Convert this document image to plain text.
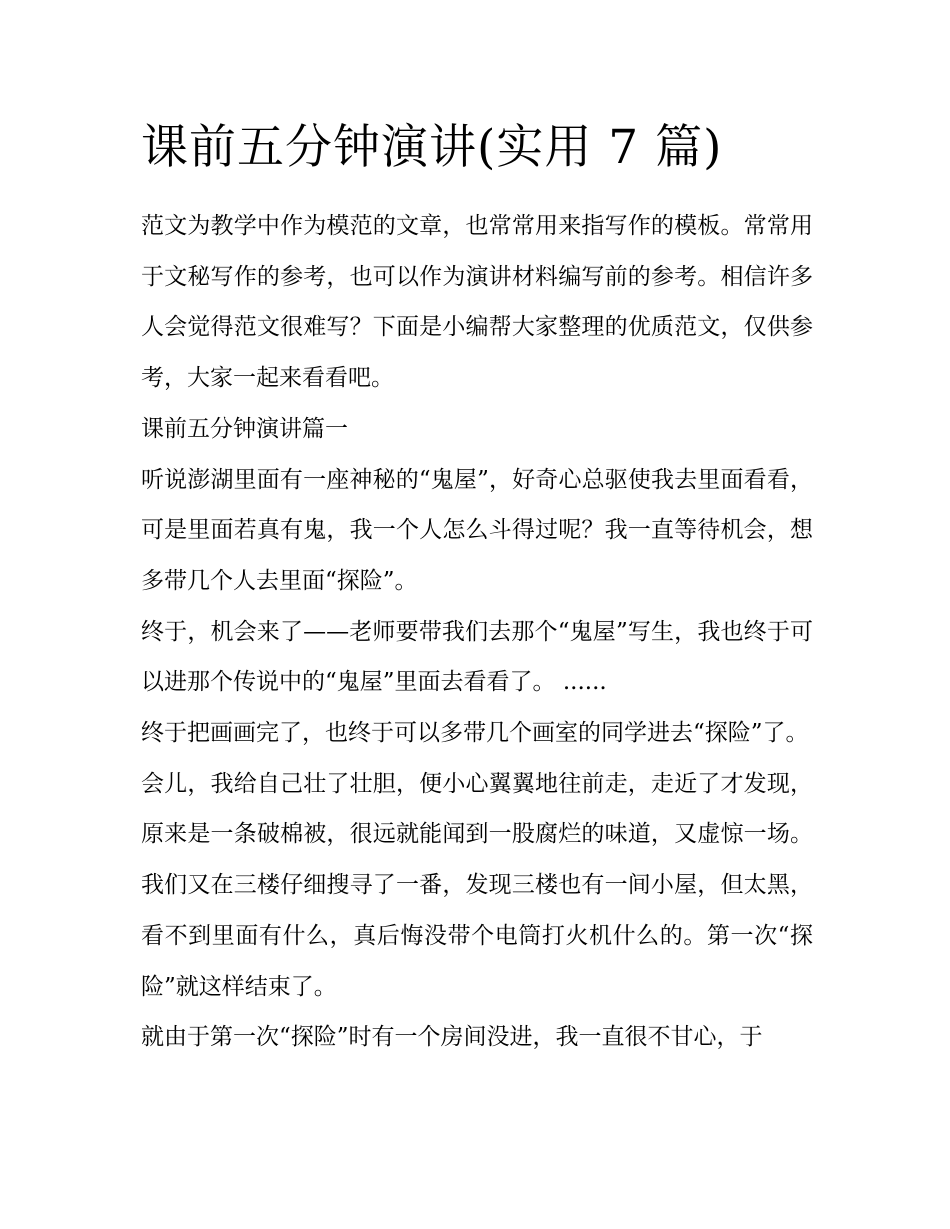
课前五分钟演讲(实用 7 篇)

范文为教学中作为模范的文章，也常常用来指写作的模板。常常用于文秘写作的参考，也可以作为演讲材料编写前的参考。相信许多人会觉得范文很难写？下面是小编帮大家整理的优质范文，仅供参考，大家一起来看看吧。

课前五分钟演讲篇一

听说澎湖里面有一座神秘的“鬼屋”，好奇心总驱使我去里面看看，可是里面若真有鬼，我一个人怎么斗得过呢？我一直等待机会，想多带几个人去里面“探险”。

终于，机会来了——老师要带我们去那个“鬼屋”写生，我也终于可以进那个传说中的“鬼屋”里面去看看了。 ......

终于把画画完了，也终于可以多带几个画室的同学进去“探险”了。

会儿，我给自己壮了壮胆，便小心翼翼地往前走，走近了才发现，原来是一条破棉被，很远就能闻到一股腐烂的味道，又虚惊一场。我们又在三楼仔细搜寻了一番，发现三楼也有一间小屋，但太黑，看不到里面有什么，真后悔没带个电筒打火机什么的。第一次“探险”就这样结束了。

就由于第一次“探险”时有一个房间没进，我一直很不甘心，于
